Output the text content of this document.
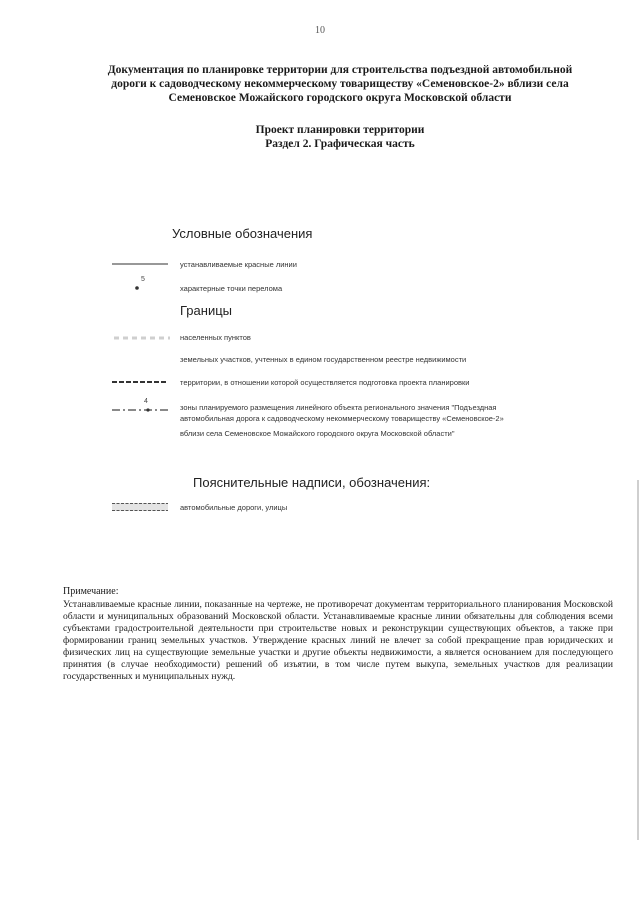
10
Документация по планировке территории для строительства подъездной автомобильной
дороги к садоводческому некоммерческому товариществу «Семеновское-2» вблизи села
Семеновское Можайского городского округа Московской области
Проект планировки территории
Раздел 2. Графическая часть
Условные обозначения
устанавливаемые красные линии
5
характерные точки перелома
Границы
населенных пунктов
земельных участков, учтенных в едином государственном реестре недвижимости
территории, в отношении которой осуществляется подготовка проекта планировки
4
зоны планируемого размещения линейного объекта регионального значения "Подъездная
автомобильная дорога к садоводческому некоммерческому товариществу «Семеновское-2»
вблизи села Семеновское Можайского городского округа Московской области"
Пояснительные надписи, обозначения:
автомобильные дороги, улицы
Примечание:
Устанавливаемые красные линии, показанные на чертеже, не противоречат документам территориального планирования Московской области и муниципальных образований Московской области. Устанавливаемые красные линии обязательны для соблюдения всеми субъектами градостроительной деятельности при строительстве новых и реконструкции существующих объектов, а также при формировании границ земельных участков. Утверждение красных линий не влечет за собой прекращение прав юридических и физических лиц на существующие земельные участки и другие объекты недвижимости, а является основанием для последующего принятия (в случае необходимости) решений об изъятии, в том числе путем выкупа, земельных участков для реализации государственных и муниципальных нужд.
